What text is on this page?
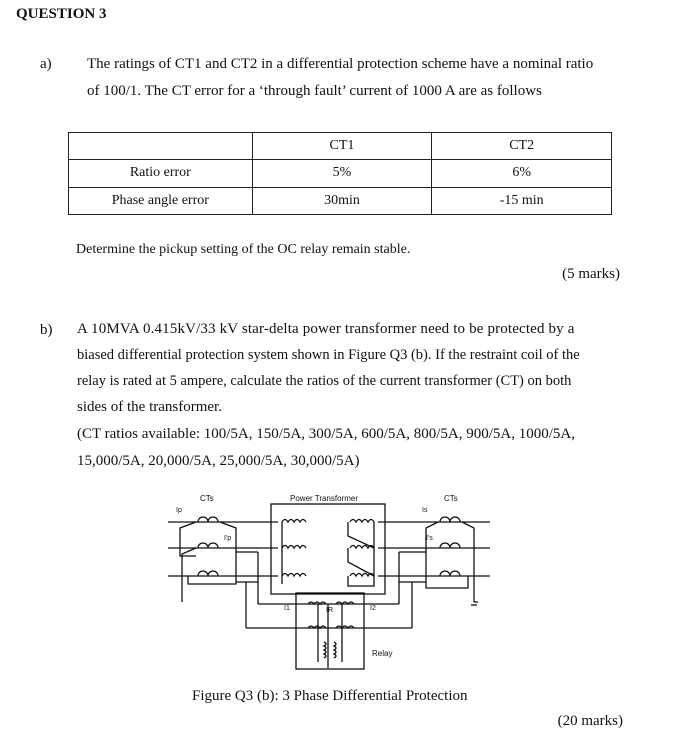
QUESTION 3
a) The ratings of CT1 and CT2 in a differential protection scheme have a nominal ratio
of 100/1. The CT error for a ‘through fault’ current of 1000 A are as follows
	CT1	CT2
Ratio error	5%	6%
Phase angle error	30min	-15 min
Determine the pickup setting of the OC relay remain stable.
(5 marks)
b) A 10MVA 0.415kV/33 kV star-delta power transformer need to be protected by a
biased differential protection system shown in Figure Q3 (b). If the restraint coil of the
relay is rated at 5 ampere, calculate the ratios of the current transformer (CT) on both
sides of the transformer.
(CT ratios available: 100/5A, 150/5A, 300/5A, 600/5A, 800/5A, 900/5A, 1000/5A,
15,000/5A, 20,000/5A, 25,000/5A, 30,000/5A)
CTs	Power Transformer	CTs
Ip
I'p
Is
I's
I1	I2
IR
Relay
Figure Q3 (b): 3 Phase Differential Protection
(20 marks)
